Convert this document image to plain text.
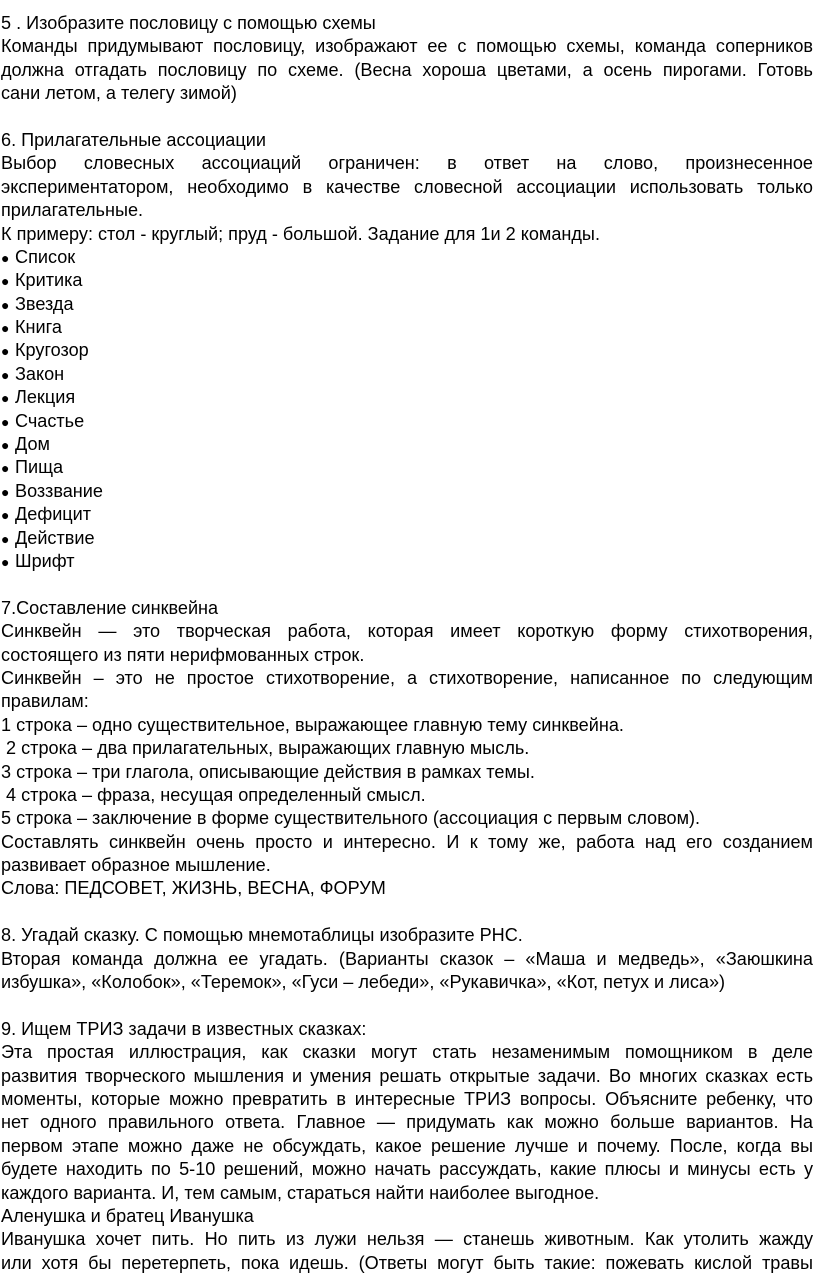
5 . Изобразите пословицу с помощью схемы
Команды придумывают пословицу, изображают ее с помощью схемы, команда соперников
должна отгадать пословицу по схеме. (Весна хороша цветами, а осень пирогами. Готовь
сани летом, а телегу зимой)
6. Прилагательные ассоциации
Выбор словесных ассоциаций ограничен: в ответ на слово, произнесенное
экспериментатором, необходимо в качестве словесной ассоциации использовать только
прилагательные.
К примеру: стол - круглый; пруд - большой. Задание для 1и 2 команды.
● Список
● Критика
● Звезда
● Книга
● Кругозор
● Закон
● Лекция
● Счастье
● Дом
● Пища
● Воззвание
● Дефицит
● Действие
● Шрифт
7.Составление синквейна
Синквейн — это творческая работа, которая имеет короткую форму стихотворения,
состоящего из пяти нерифмованных строк.
Синквейн – это не простое стихотворение, а стихотворение, написанное по следующим
правилам:
1 строка – одно существительное, выражающее главную тему синквейна.
2 строка – два прилагательных, выражающих главную мысль.
3 строка – три глагола, описывающие действия в рамках темы.
4 строка – фраза, несущая определенный смысл.
5 строка – заключение в форме существительного (ассоциация с первым словом).
Составлять синквейн очень просто и интересно. И к тому же, работа над его созданием
развивает образное мышление.
Слова: ПЕДСОВЕТ, ЖИЗНЬ, ВЕСНА, ФОРУМ
8. Угадай сказку. С помощью мнемотаблицы изобразите РНС.
Вторая команда должна ее угадать. (Варианты сказок – «Маша и медведь», «Заюшкина
избушка», «Колобок», «Теремок», «Гуси – лебеди», «Рукавичка», «Кот, петух и лиса»)
9. Ищем ТРИЗ задачи в известных сказках:
Эта простая иллюстрация, как сказки могут стать незаменимым помощником в деле
развития творческого мышления и умения решать открытые задачи. Во многих сказках есть
моменты, которые можно превратить в интересные ТРИЗ вопросы. Объясните ребенку, что
нет одного правильного ответа. Главное — придумать как можно больше вариантов. На
первом этапе можно даже не обсуждать, какое решение лучше и почему. После, когда вы
будете находить по 5-10 решений, можно начать рассуждать, какие плюсы и минусы есть у
каждого варианта. И, тем самым, стараться найти наиболее выгодное.
Аленушка и братец Иванушка
Иванушка хочет пить. Но пить из лужи нельзя — станешь животным. Как утолить жажду
или хотя бы перетерпеть, пока идешь. (Ответы могут быть такие: пожевать кислой травы
